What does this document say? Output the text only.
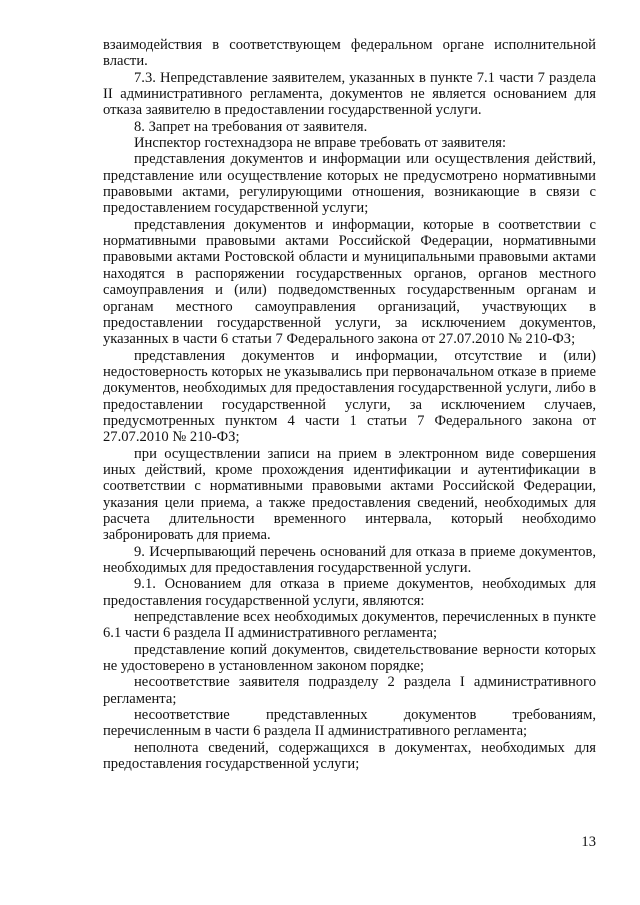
взаимодействия в соответствующем федеральном органе исполнительной власти.

7.3. Непредставление заявителем, указанных в пункте 7.1 части 7 раздела II административного регламента, документов не является основанием для отказа заявителю в предоставлении государственной услуги.

8. Запрет на требования от заявителя.

Инспектор гостехнадзора не вправе требовать от заявителя:

представления документов и информации или осуществления действий, представление или осуществление которых не предусмотрено нормативными правовыми актами, регулирующими отношения, возникающие в связи с предоставлением государственной услуги;

представления документов и информации, которые в соответствии с нормативными правовыми актами Российской Федерации, нормативными правовыми актами Ростовской области и муниципальными правовыми актами находятся в распоряжении государственных органов, органов местного самоуправления и (или) подведомственных государственным органам и органам местного самоуправления организаций, участвующих в предоставлении государственной услуги, за исключением документов, указанных в части 6 статьи 7 Федерального закона от 27.07.2010 № 210-ФЗ;

представления документов и информации, отсутствие и (или) недостоверность которых не указывались при первоначальном отказе в приеме документов, необходимых для предоставления государственной услуги, либо в предоставлении государственной услуги, за исключением случаев, предусмотренных пунктом 4 части 1 статьи 7 Федерального закона от 27.07.2010 № 210-ФЗ;

при осуществлении записи на прием в электронном виде совершения иных действий, кроме прохождения идентификации и аутентификации в соответствии с нормативными правовыми актами Российской Федерации, указания цели приема, а также предоставления сведений, необходимых для расчета длительности временного интервала, который необходимо забронировать для приема.

9. Исчерпывающий перечень оснований для отказа в приеме документов, необходимых для предоставления государственной услуги.

9.1. Основанием для отказа в приеме документов, необходимых для предоставления государственной услуги, являются:

непредставление всех необходимых документов, перечисленных в пункте 6.1 части 6 раздела II административного регламента;

представление копий документов, свидетельствование верности которых не удостоверено в установленном законом порядке;

несоответствие заявителя подразделу 2 раздела I административного регламента;

несоответствие представленных документов требованиям, перечисленным в части 6 раздела II административного регламента;

неполнота сведений, содержащихся в документах, необходимых для предоставления государственной услуги;

13
